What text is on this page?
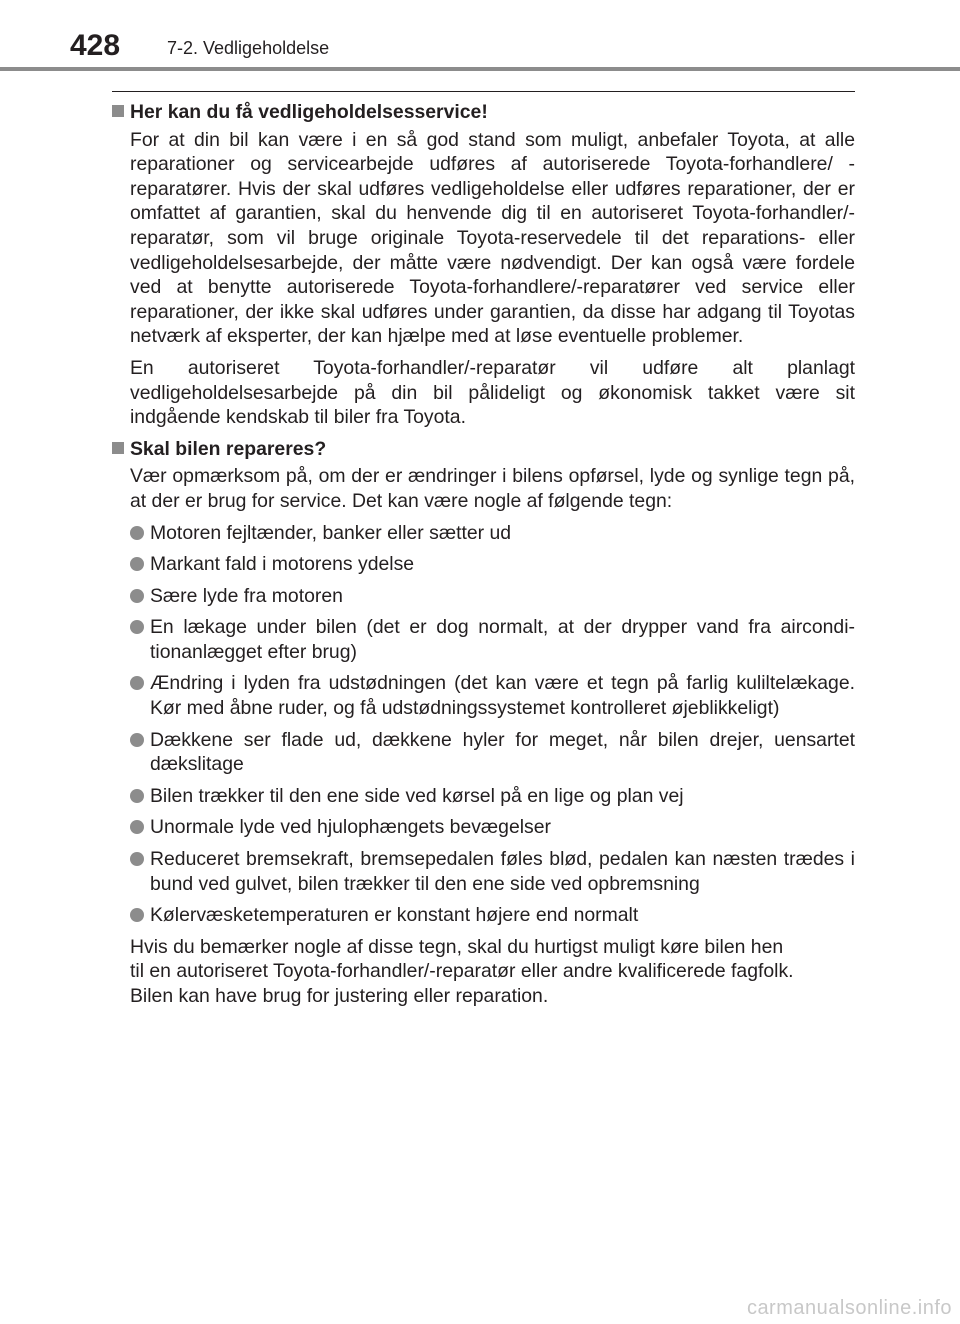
428	7-2. Vedligeholdelse
Her kan du få vedligeholdelsesservice!

For at din bil kan være i en så god stand som muligt, anbefaler Toyota, at alle reparationer og servicearbejde udføres af autoriserede Toyota-forhandlere/ -reparatører. Hvis der skal udføres vedligeholdelse eller udføres reparationer, der er omfattet af garantien, skal du henvende dig til en autoriseret Toyota-forhandler/-reparatør, som vil bruge originale Toyota-reservedele til det reparations- eller vedligeholdelsesarbejde, der måtte være nødvendigt. Der kan også være fordele ved at benytte autoriserede Toyota-forhandlere/-reparatører ved service eller reparationer, der ikke skal udføres under garantien, da disse har adgang til Toyotas netværk af eksperter, der kan hjælpe med at løse eventuelle problemer.

En autoriseret Toyota-forhandler/-reparatør vil udføre alt planlagt vedligeholdelsesarbejde på din bil pålideligt og økonomisk takket være sit indgående kendskab til biler fra Toyota.

Skal bilen repareres?

Vær opmærksom på, om der er ændringer i bilens opførsel, lyde og synlige tegn på, at der er brug for service. Det kan være nogle af følgende tegn:

Motoren fejltænder, banker eller sætter ud
Markant fald i motorens ydelse
Sære lyde fra motoren
En lækage under bilen (det er dog normalt, at der drypper vand fra airconditionanlægget efter brug)
Ændring i lyden fra udstødningen (det kan være et tegn på farlig kuliltelækage. Kør med åbne ruder, og få udstødningssystemet kontrolleret øjeblikkeligt)
Dækkene ser flade ud, dækkene hyler for meget, når bilen drejer, uensartet dækslitage
Bilen trækker til den ene side ved kørsel på en lige og plan vej
Unormale lyde ved hjulophængets bevægelser
Reduceret bremsekraft, bremsepedalen føles blød, pedalen kan næsten trædes i bund ved gulvet, bilen trækker til den ene side ved opbremsning
Kølervæsketemperaturen er konstant højere end normalt

Hvis du bemærker nogle af disse tegn, skal du hurtigst muligt køre bilen hen
til en autoriseret Toyota-forhandler/-reparatør eller andre kvalificerede fagfolk.
Bilen kan have brug for justering eller reparation.

carmanualsonline.info
